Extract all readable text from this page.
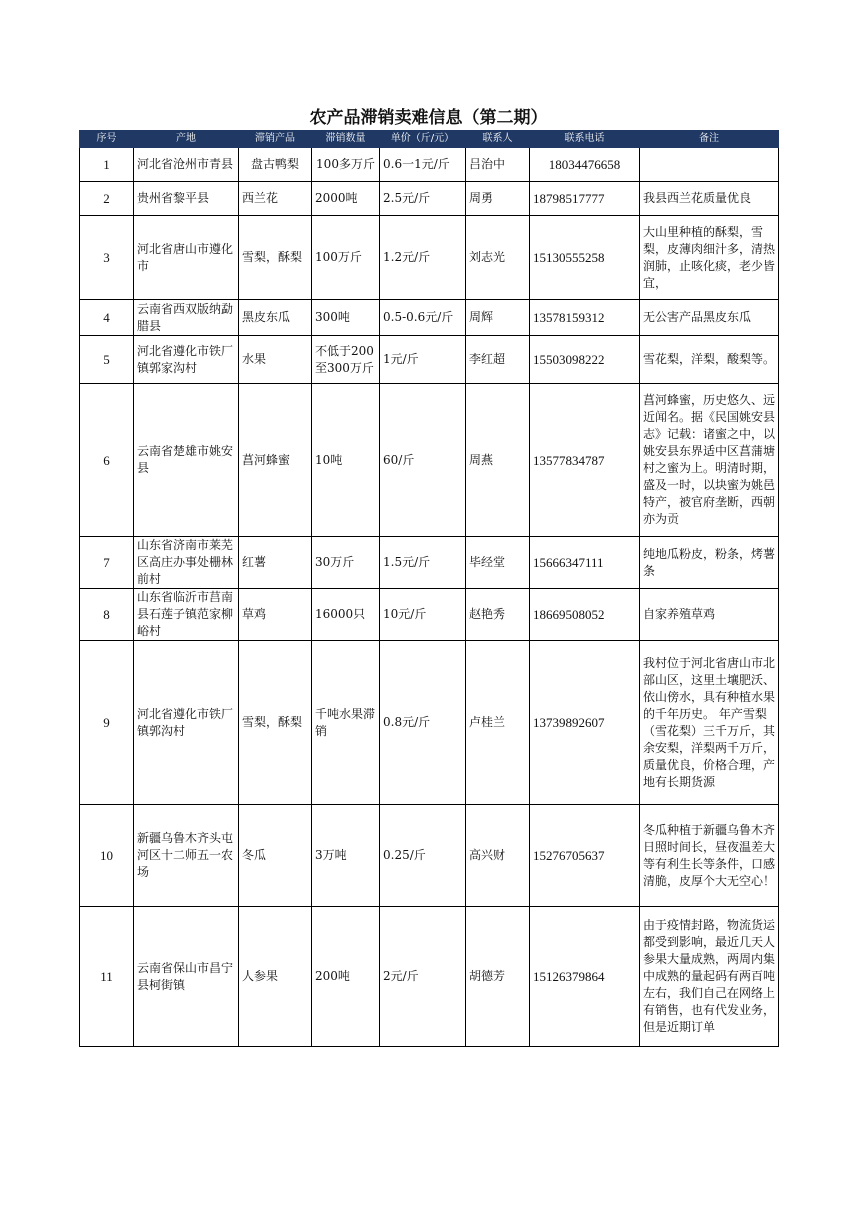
农产品滞销卖难信息（第二期）
序号	产地	滞销产品	滞销数量	单价（斤/元）	联系人	联系电话	备注
1	河北省沧州市青县	盘古鸭梨	100多万斤	0.6一1元/斤	吕治中	18034476658	
2	贵州省黎平县	西兰花	2000吨	2.5元/斤	周勇	18798517777	我县西兰花质量优良
3	河北省唐山市遵化市	雪梨，酥梨	100万斤	1.2元/斤	刘志光	15130555258	大山里种植的酥梨，雪梨，皮薄肉细汁多，清热润肺，止咳化痰，老少皆宜，

4	云南省西双版纳勐腊县	黑皮东瓜	300吨	0.5-0.6元/斤	周辉	13578159312	无公害产品黑皮东瓜
5	河北省遵化市铁厂镇郭家沟村	水果	不低于200至300万斤	1元/斤	李红超	15503098222	雪花梨，洋梨，酸梨等。
6	云南省楚雄市姚安县	菖河蜂蜜	10吨	60/斤	周燕	13577834787	菖河蜂蜜，历史悠久、远近闻名。据《民国姚安县志》记载：诸蜜之中，以姚安县东界适中区菖蒲塘村之蜜为上。明清时期，盛及一时，以块蜜为姚邑特产，被官府垄断，西朝亦为贡

7	山东省济南市莱芜区高庄办事处栅林前村	红薯	30万斤	1.5元/斤	毕经堂	15666347111	纯地瓜粉皮，粉条，烤薯条
8	山东省临沂市莒南县石莲子镇范家柳峪村	草鸡	16000只	10元/斤	赵艳秀	18669508052	自家养殖草鸡
9	河北省遵化市铁厂镇郭沟村	雪梨，酥梨	千吨水果滞销	0.8元/斤	卢桂兰	13739892607	我村位于河北省唐山市北部山区，这里土壤肥沃、依山傍水，具有种植水果的千年历史。 年产雪梨（雪花梨）三千万斤，其余安梨，洋梨两千万斤，质量优良，价格合理，产地有长期货源

10	新疆乌鲁木齐头屯河区十二师五一农场	冬瓜	3万吨	0.25/斤	高兴财	15276705637	冬瓜种植于新疆乌鲁木齐日照时间长，昼夜温差大等有利生长等条件，口感清脆，皮厚个大无空心！

11	云南省保山市昌宁县柯街镇	人参果	200吨	2元/斤	胡德芳	15126379864	由于疫情封路，物流货运都受到影响，最近几天人参果大量成熟，两周内集中成熟的量起码有两百吨左右，我们自己在网络上有销售，也有代发业务，但是近期订单
